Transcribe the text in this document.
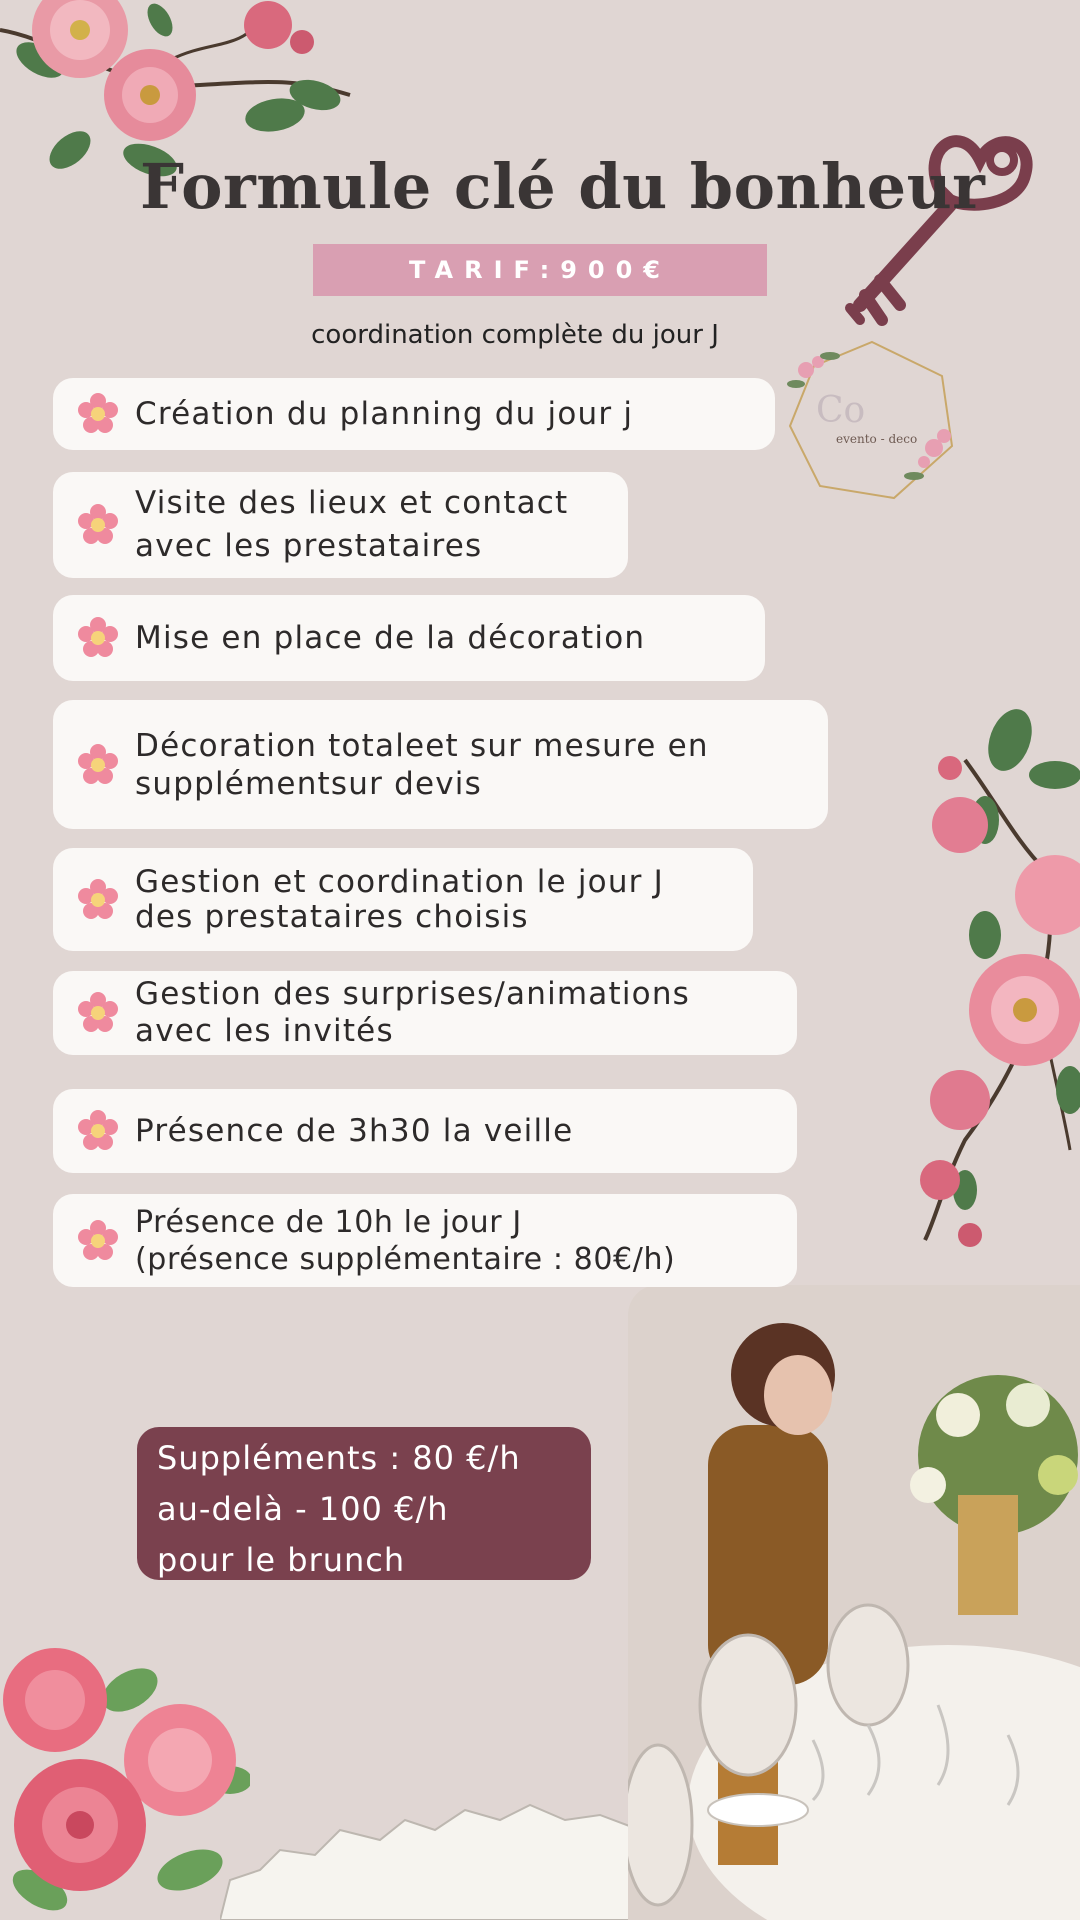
Co
evento - deco
Formule clé du bonheur
TARIF:900€
coordination complète du jour J
Création du planning du jour j
Visite des lieux et contact
avec les prestataires
Mise en place de la décoration
Décoration totaleet sur mesure en
supplémentsur devis
Gestion et coordination le jour J
des prestataires choisis
Gestion des surprises/animations
avec les invités
Présence de 3h30 la veille
Présence de 10h le jour J
(présence supplémentaire : 80€/h)
Suppléments : 80 €/h
au-delà - 100 €/h
pour le brunch
